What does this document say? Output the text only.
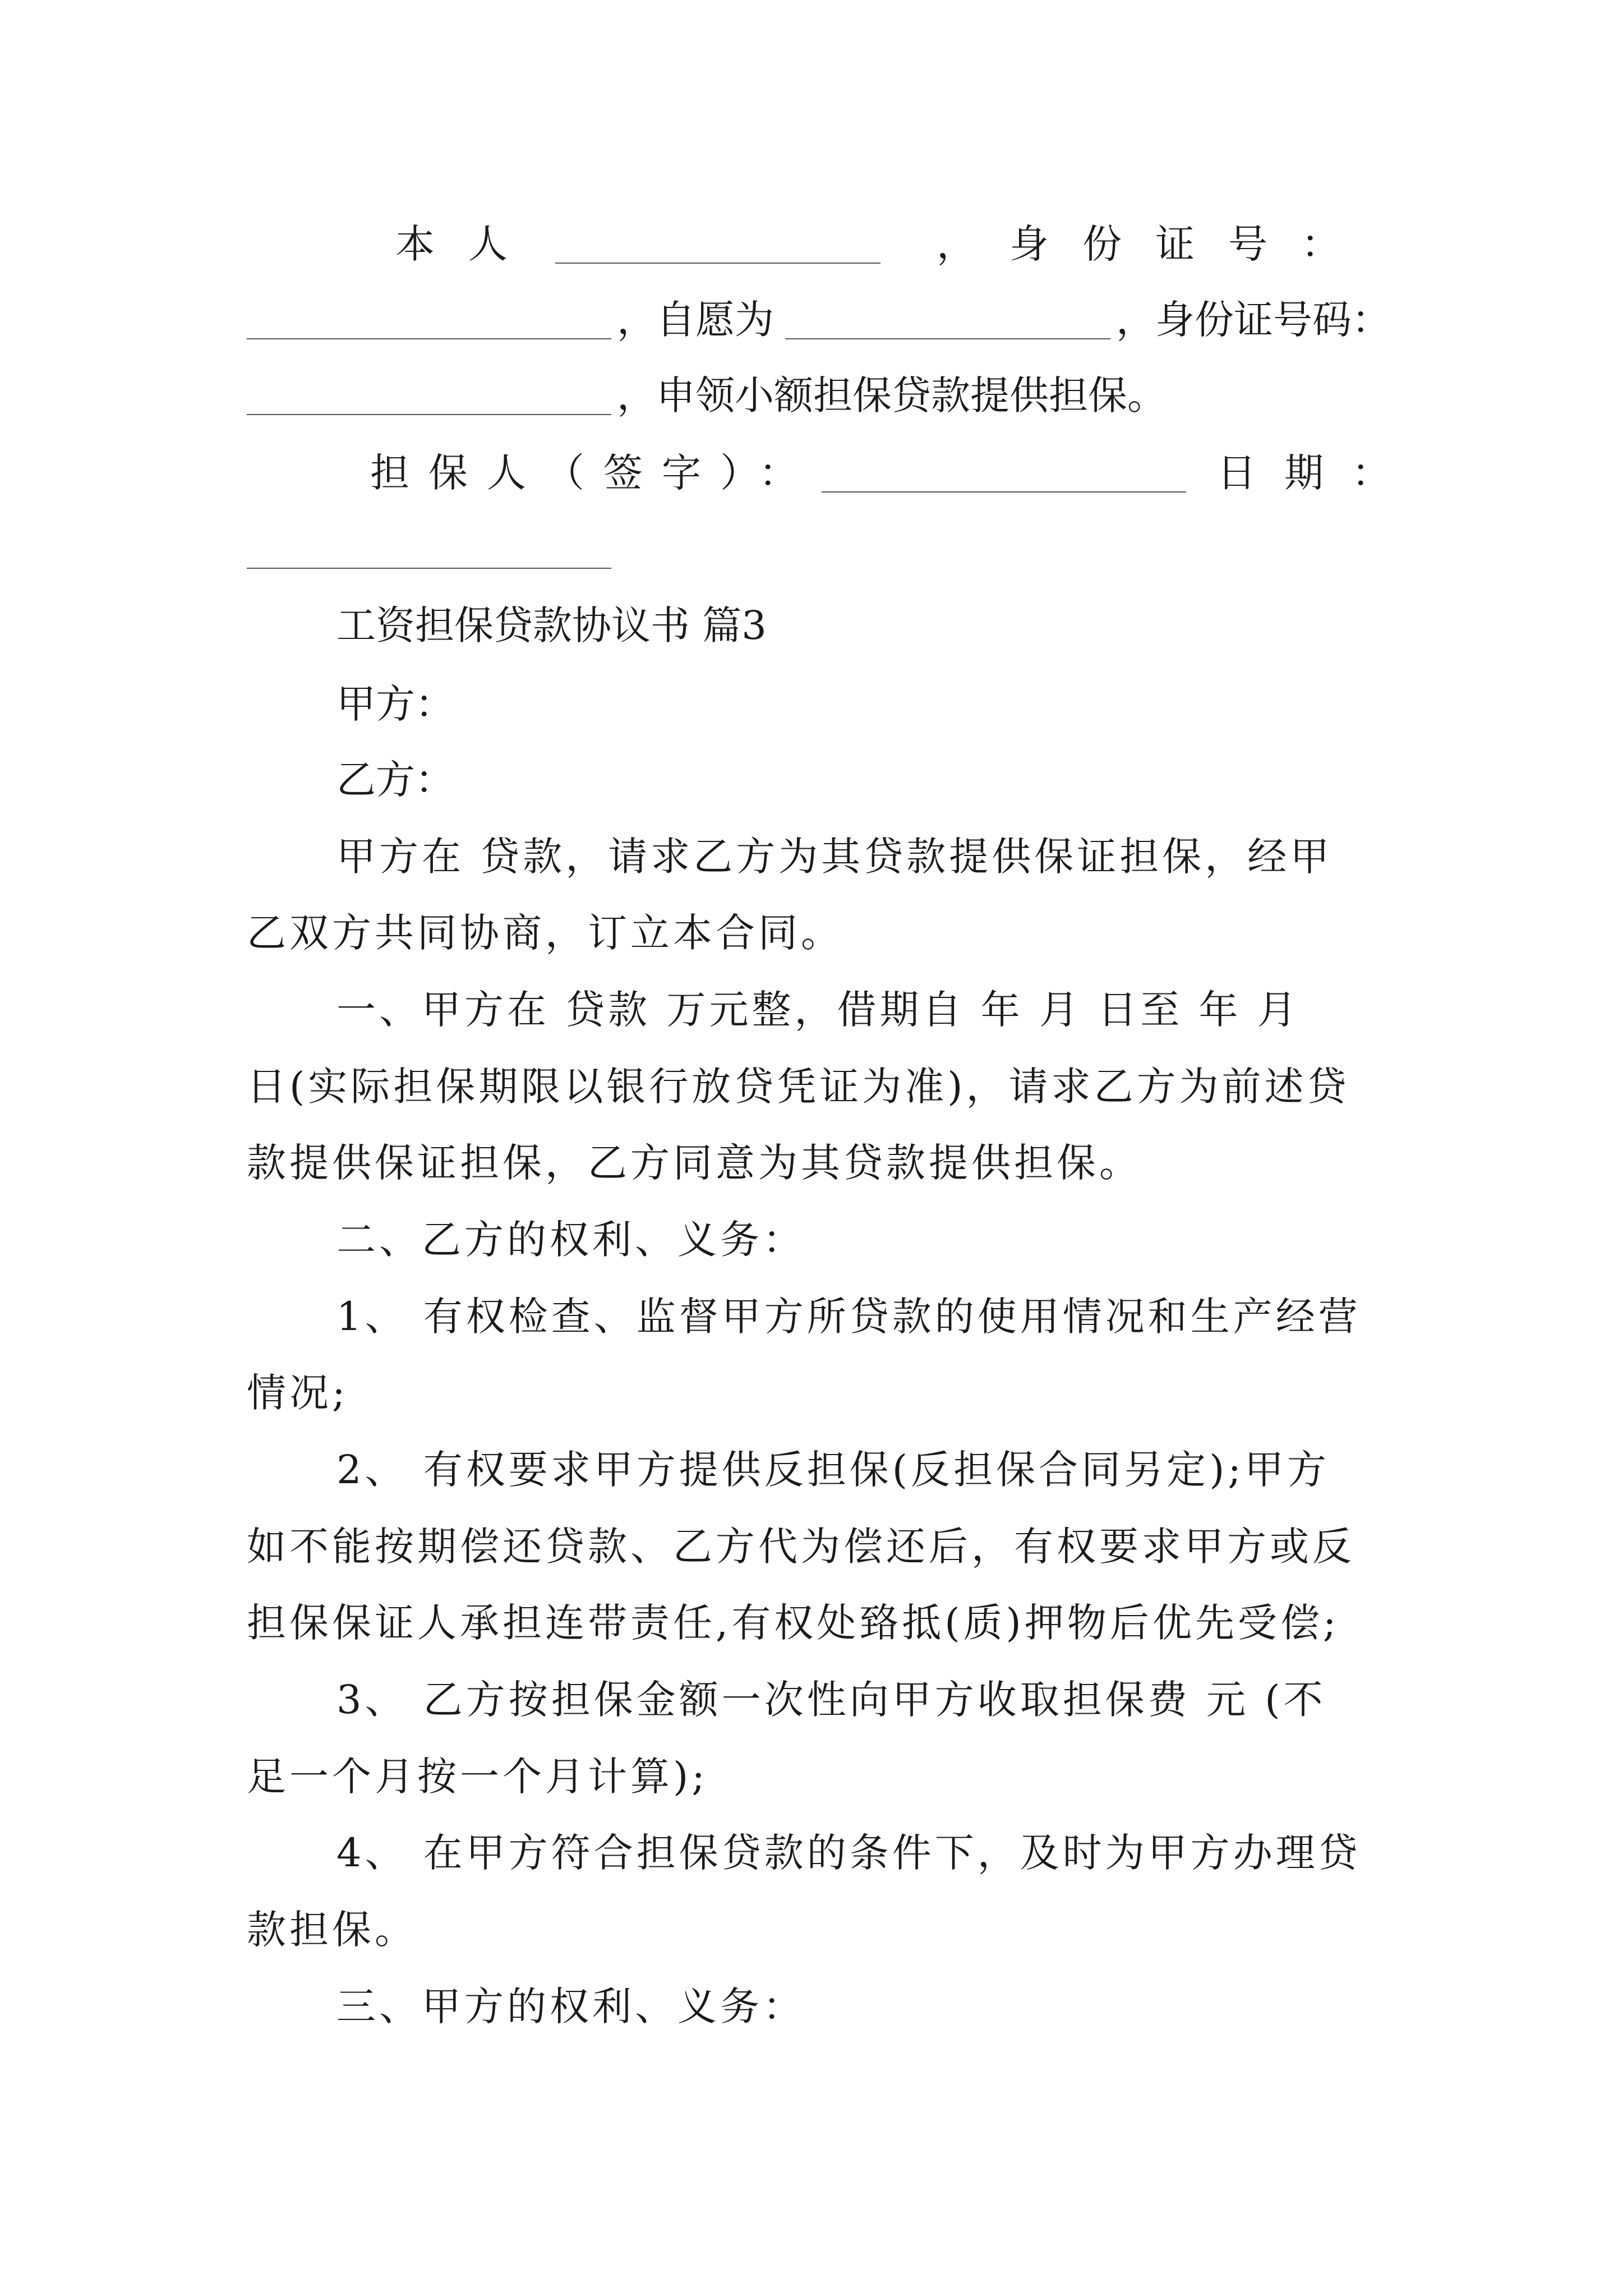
本人	，身份证号：
，自愿为	，身份证号码：
，申领小额担保贷款提供担保。
担保人（签字）：	日期：
工资担保贷款协议书 篇3
甲方：
乙方：
甲方在 贷款，请求乙方为其贷款提供保证担保，经甲
乙双方共同协商，订立本合同。
一、甲方在 贷款 万元整，借期自 年 月 日至 年 月
日(实际担保期限以银行放贷凭证为准)，请求乙方为前述贷
款提供保证担保，乙方同意为其贷款提供担保。
二、乙方的权利、义务：
1、 有权检查、监督甲方所贷款的使用情况和生产经营
情况;
2、 有权要求甲方提供反担保(反担保合同另定);甲方
如不能按期偿还贷款、乙方代为偿还后，有权要求甲方或反
担保保证人承担连带责任,有权处臵抵(质)押物后优先受偿;
3、 乙方按担保金额一次性向甲方收取担保费 元 (不
足一个月按一个月计算);
4、 在甲方符合担保贷款的条件下，及时为甲方办理贷
款担保。
三、甲方的权利、义务：
